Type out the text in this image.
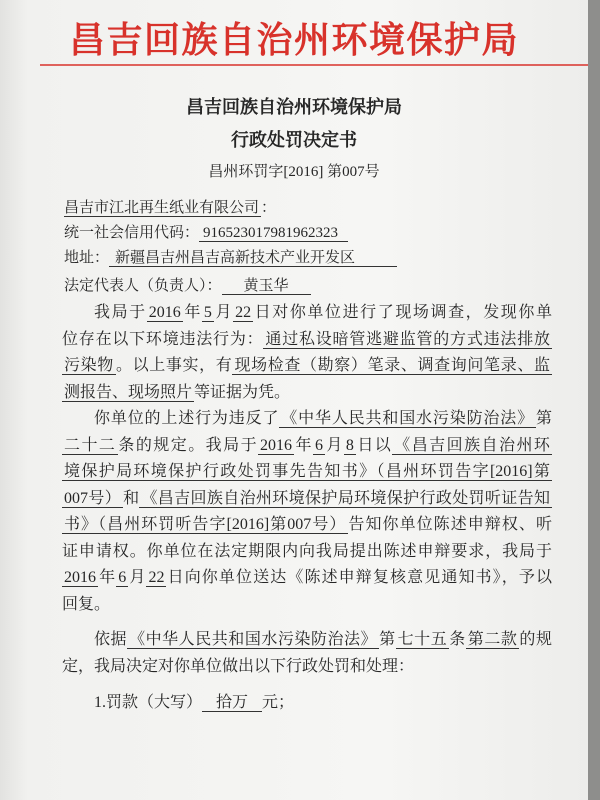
昌吉回族自治州环境保护局
昌吉回族自治州环境保护局
行政处罚决定书
昌州环罚字[2016] 第007号
昌吉市江北再生纸业有限公司 ：
统一社会信用代码： 916523017981962323
地址： 新疆昌吉州昌吉高新技术产业开发区
法定代表人（负责人）： 黄玉华
我局于 2016 年 5 月 22 日对你单位进行了现场调查，发现你单
位存在以下环境违法行为： 通过私设暗管逃避监管的方式违法排放
污染物 。以上事实，有 现场检查（勘察）笔录、调查询问笔录、监
测报告、现场照片 等证据为凭。
你单位的上述行为违反了 《中华人民共和国水污染防治法》 第
二十二 条的规定。我局于 2016 年 6 月 8 日以 《昌吉回族自治州环
境保护局环境保护行政处罚事先告知书》（昌州环罚告字[2016]第
007号） 和 《昌吉回族自治州环境保护局环境保护行政处罚听证告知
书》（昌州环罚听告字[2016]第007号） 告知你单位陈述申辩权、听
证申请权。你单位在法定期限内向我局提出陈述申辩要求，我局于
2016 年 6 月 22 日向你单位送达《陈述申辩复核意见通知书》，予以
回复。
依据 《中华人民共和国水污染防治法》 第 七十五 条 第二款 的规
定，我局决定对你单位做出以下行政处罚和处理：
1.罚款（大写） 拾万 元；
